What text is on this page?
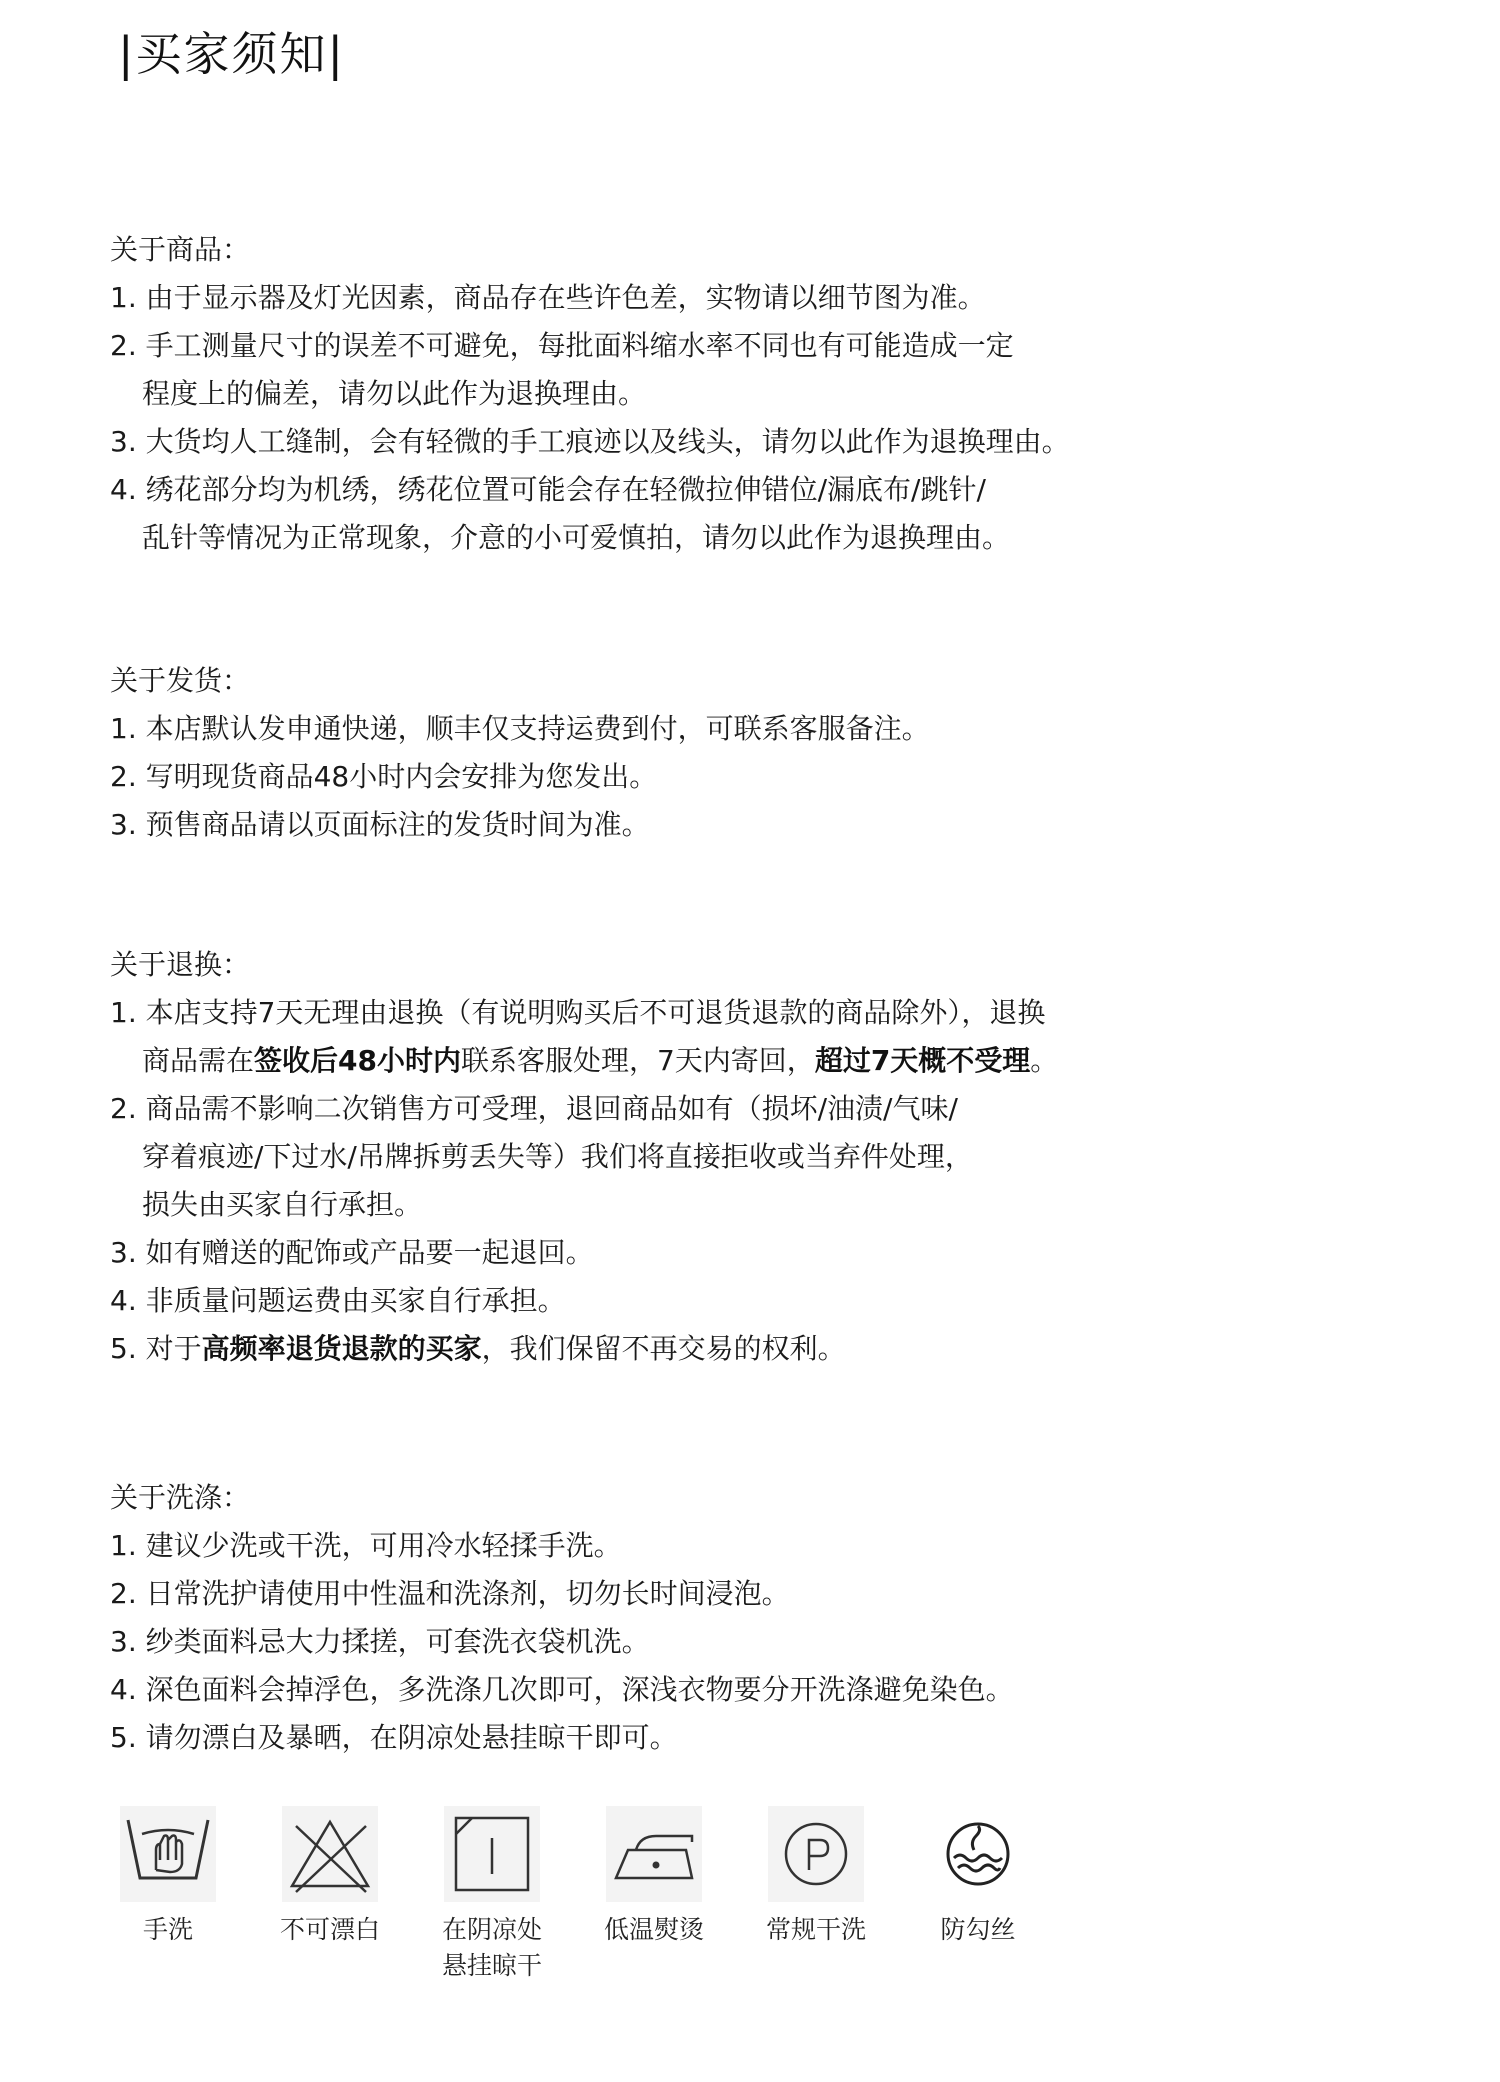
|买家须知|
关于商品：
1. 由于显示器及灯光因素，商品存在些许色差，实物请以细节图为准。
2. 手工测量尺寸的误差不可避免，每批面料缩水率不同也有可能造成一定
程度上的偏差，请勿以此作为退换理由。
3. 大货均人工缝制，会有轻微的手工痕迹以及线头，请勿以此作为退换理由。
4. 绣花部分均为机绣，绣花位置可能会存在轻微拉伸错位/漏底布/跳针/
乱针等情况为正常现象，介意的小可爱慎拍，请勿以此作为退换理由。
关于发货：
1. 本店默认发申通快递，顺丰仅支持运费到付，可联系客服备注。
2. 写明现货商品48小时内会安排为您发出。
3. 预售商品请以页面标注的发货时间为准。
关于退换：
1. 本店支持7天无理由退换（有说明购买后不可退货退款的商品除外），退换
商品需在签收后48小时内联系客服处理，7天内寄回，超过7天概不受理。
2. 商品需不影响二次销售方可受理，退回商品如有（损坏/油渍/气味/
穿着痕迹/下过水/吊牌拆剪丢失等）我们将直接拒收或当弃件处理，
损失由买家自行承担。
3. 如有赠送的配饰或产品要一起退回。
4. 非质量问题运费由买家自行承担。
5. 对于高频率退货退款的买家，我们保留不再交易的权利。
关于洗涤：
1. 建议少洗或干洗，可用冷水轻揉手洗。
2. 日常洗护请使用中性温和洗涤剂，切勿长时间浸泡。
3. 纱类面料忌大力揉搓，可套洗衣袋机洗。
4. 深色面料会掉浮色，多洗涤几次即可，深浅衣物要分开洗涤避免染色。
5. 请勿漂白及暴晒，在阴凉处悬挂晾干即可。
手洗	不可漂白	在阴凉处
悬挂晾干
低温熨烫	常规干洗	防勾丝
